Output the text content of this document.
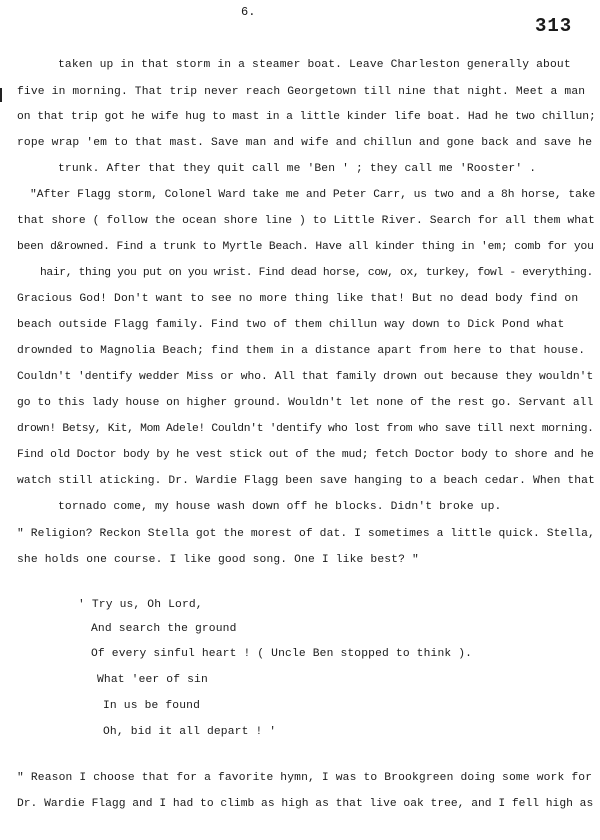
6.
313
taken up in that storm in a steamer boat. Leave Charleston generally about
five in morning. That trip never reach Georgetown till nine that night. Meet a man
on that trip got he wife hug to mast in a little kinder life boat. Had he two chillun;
rope wrap 'em to that mast. Save man and wife and chillun and gone back and save he
trunk. After that they quit call me 'Ben ' ; they call me 'Rooster' .
"After Flagg storm, Colonel Ward take me and Peter Carr, us two and a 8h horse, take
that shore ( follow the ocean shore line ) to Little River. Search for all them what
been d&rowned. Find a trunk to Myrtle Beach. Have all kinder thing in 'em; comb for you
hair, thing you put on you wrist. Find dead horse, cow, ox, turkey, fowl - everything.
Gracious God! Don't want to see no more thing like that! But no dead body find on
beach outside Flagg family. Find two of them chillun way down to Dick Pond what
drownded to Magnolia Beach; find them in a distance apart from here to that house.
Couldn't 'dentify wedder Miss or who. All that family drown out because they wouldn't
go to this lady house on higher ground. Wouldn't let none of the rest go. Servant all
drown! Betsy, Kit, Mom Adele! Couldn't 'dentify who lost from who save till next morning.
Find old Doctor body by he vest stick out of the mud; fetch Doctor body to shore and he
watch still aticking. Dr. Wardie Flagg been save hanging to a beach cedar. When that
tornado come, my house wash down off he blocks. Didn't broke up.
" Religion? Reckon Stella got the morest of dat. I sometimes a little quick. Stella,
she holds one course. I like good song. One I like best? "
' Try us, Oh Lord,
And search the ground
Of every sinful heart ! ( Uncle Ben stopped to think ).
What 'eer of sin
In us be found
Oh, bid it all depart ! '
" Reason I choose that for a favorite hymn, I was to Brookgreen doing some work for
Dr. Wardie Flagg and I had to climb as high as that live oak tree, and I fell high as
